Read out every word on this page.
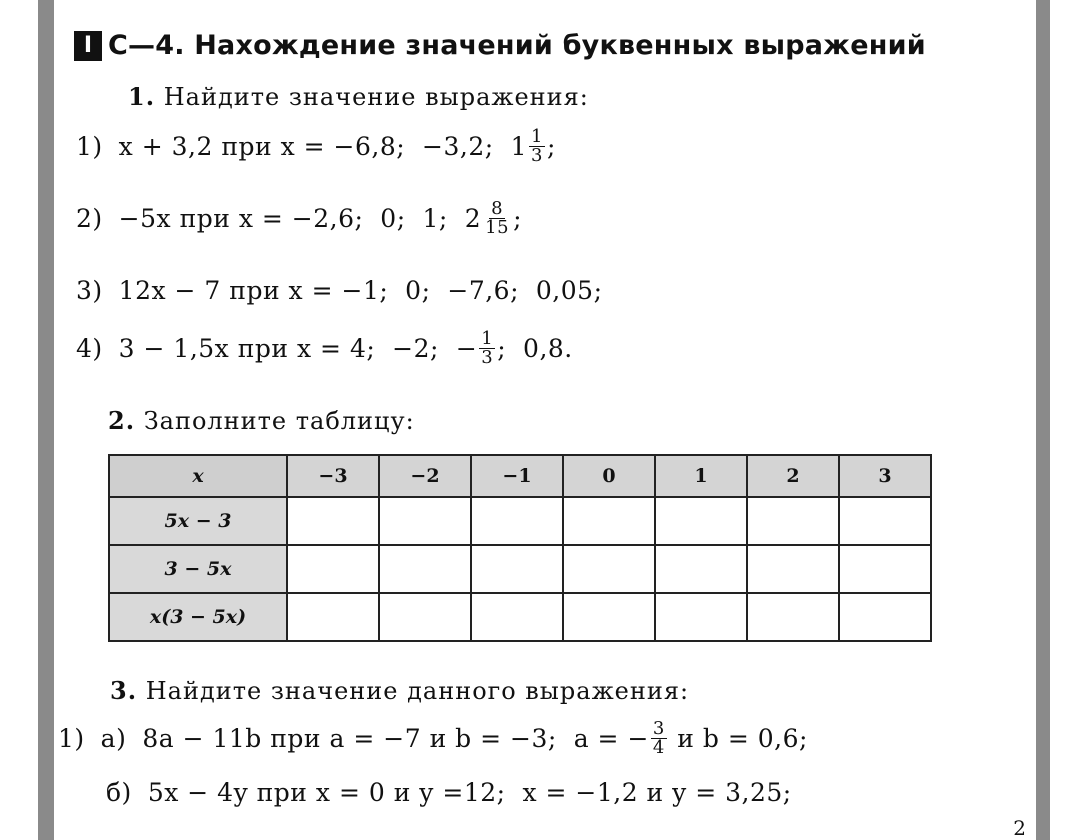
I С—4. Нахождение значений буквенных выражений
1. Найдите значение выражения:
1) x + 3,2 при x = −6,8;  −3,2;  $1 \frac{1}{3}$ ;
2) −5x при x = −2,6;  0;  1;  $2 \frac{8}{15}$ ;
3) 12x − 7 при x = −1;  0;  −7,6;  0,05;
4) 3 − 1,5x при x = 4;  −2;  − $\frac{1}{3}$ ;  0,8.
2. Заполните таблицу:
x	−3	−2	−1	0	1	2	3
5x − 3							
3 − 5x							
x(3 − 5x)							
3. Найдите значение данного выражения:
1) а) 8a − 11b при a = −7 и b = −3;  a = − $\frac{3}{4}$ и b = 0,6;
б) 5x − 4y при x = 0 и y =12;  x = −1,2 и y = 3,25;
2
